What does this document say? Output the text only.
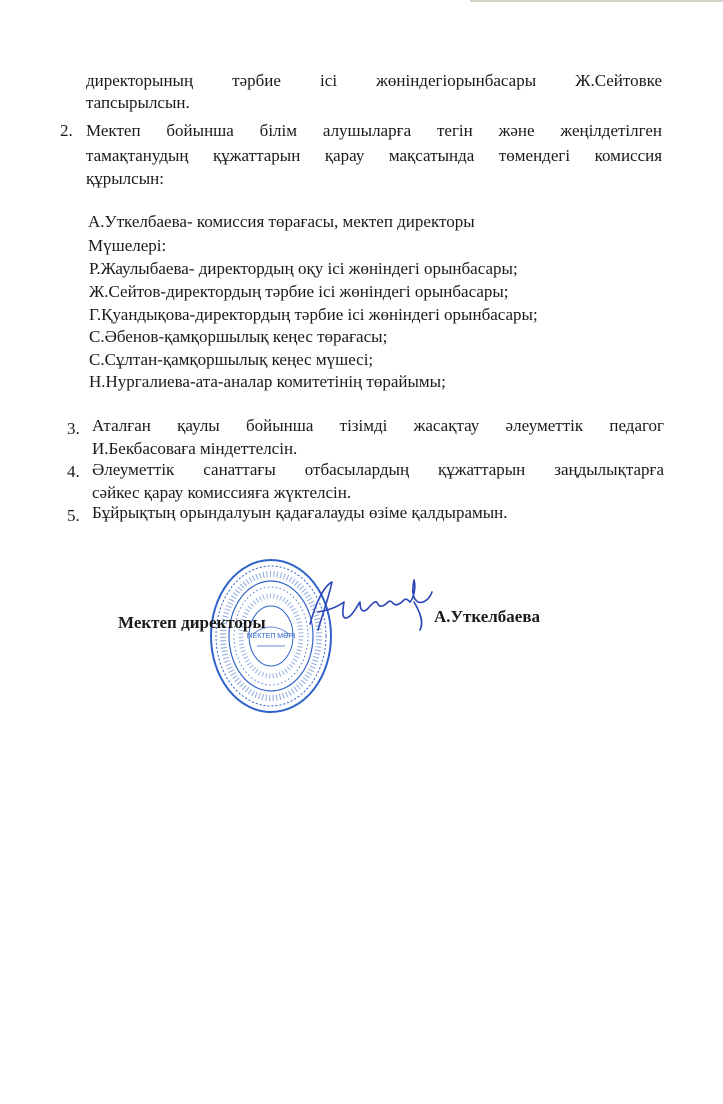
директорының тәрбие ісі жөніндегіорынбасары Ж.Сейтовке
тапсырылсын.
2. Мектеп бойынша білім алушыларға тегін және жеңілдетілген
тамақтанудың құжаттарын қарау мақсатында төмендегі комиссия
құрылсын:
А.Уткелбаева- комиссия төрағасы, мектеп директоры
Мүшелері:
Р.Жаулыбаева- директордың оқу ісі жөніндегі орынбасары;
Ж.Сейтов-директордың тәрбие ісі жөніндегі орынбасары;
Г.Қуандықова-директордың тәрбие ісі жөніндегі орынбасары;
С.Әбенов-қамқоршылық кеңес төрағасы;
С.Сұлтан-қамқоршылық кеңес мүшесі;
Н.Нургалиева-ата-аналар комитетінің төрайымы;
3. Аталған қаулы бойынша тізімді жасақтау әлеуметтік педагог
И.Бекбасоваға міндеттелсін.
4. Әлеуметтік санаттағы отбасылардың құжаттарын заңдылықтарға
сәйкес қарау комиссияға жүктелсін.
5. Бұйрықтың орындалуын қадағалауды өзіме қалдырамын.
МЕКТЕП МӨРІ
Мектеп директоры	А.Уткелбаева
